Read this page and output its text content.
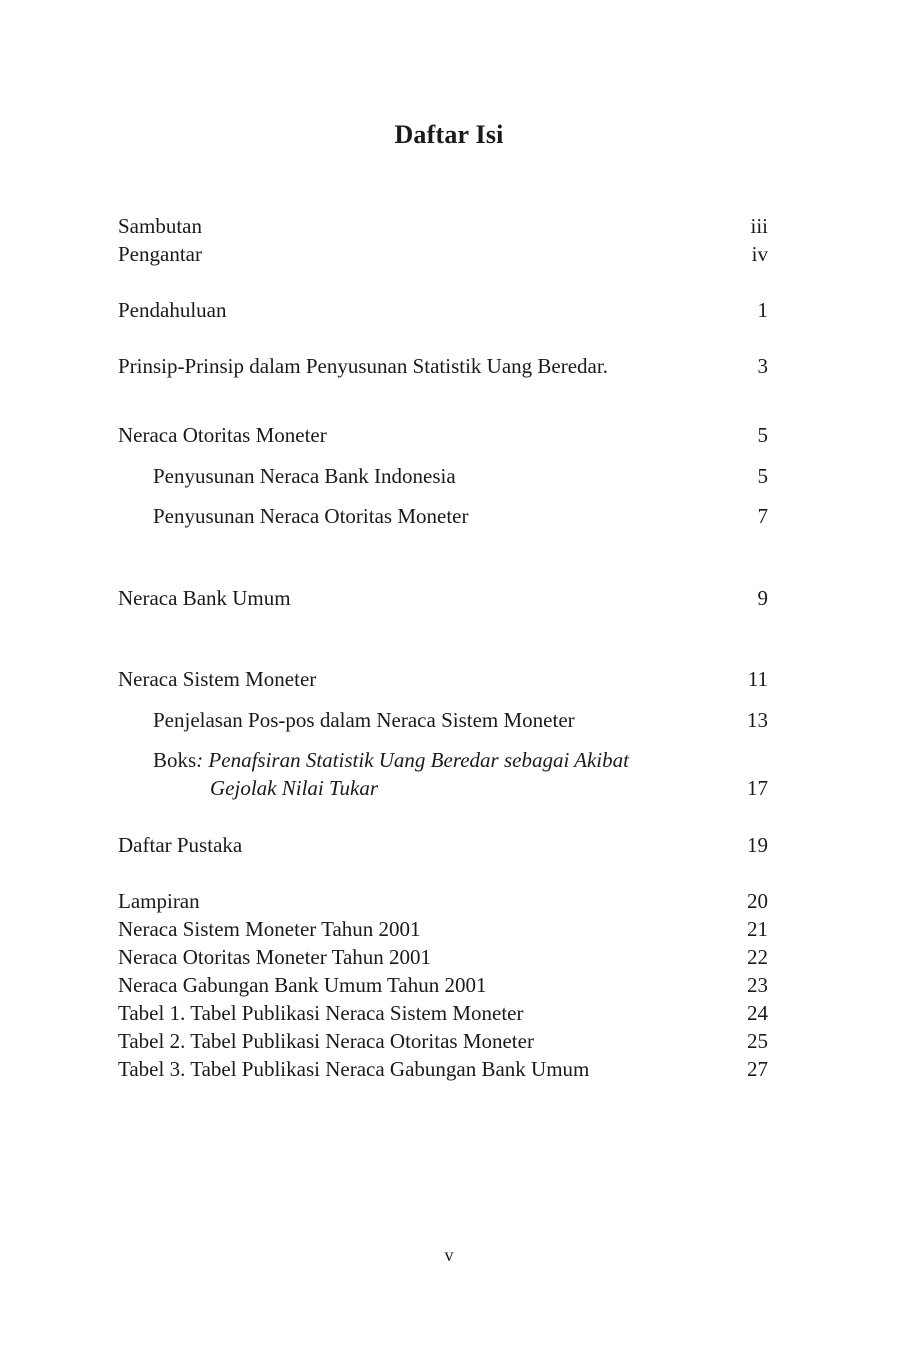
Daftar Isi
Sambutan	iii
Pengantar	iv
Pendahuluan	1
Prinsip-Prinsip dalam Penyusunan Statistik Uang Beredar.	3
Neraca Otoritas Moneter	5
Penyusunan Neraca Bank Indonesia	5
Penyusunan Neraca Otoritas Moneter	7
Neraca Bank Umum	9
Neraca Sistem Moneter	11
Penjelasan Pos-pos dalam Neraca Sistem Moneter	13
Boks: Penafsiran Statistik Uang Beredar sebagai Akibat
Gejolak Nilai Tukar	17
Daftar Pustaka	19
Lampiran	20
Neraca Sistem Moneter Tahun 2001	21
Neraca Otoritas Moneter Tahun 2001	22
Neraca Gabungan Bank Umum Tahun 2001	23
Tabel 1. Tabel Publikasi Neraca Sistem Moneter	24
Tabel 2. Tabel Publikasi Neraca Otoritas Moneter	25
Tabel 3. Tabel Publikasi Neraca Gabungan Bank Umum	27
v
